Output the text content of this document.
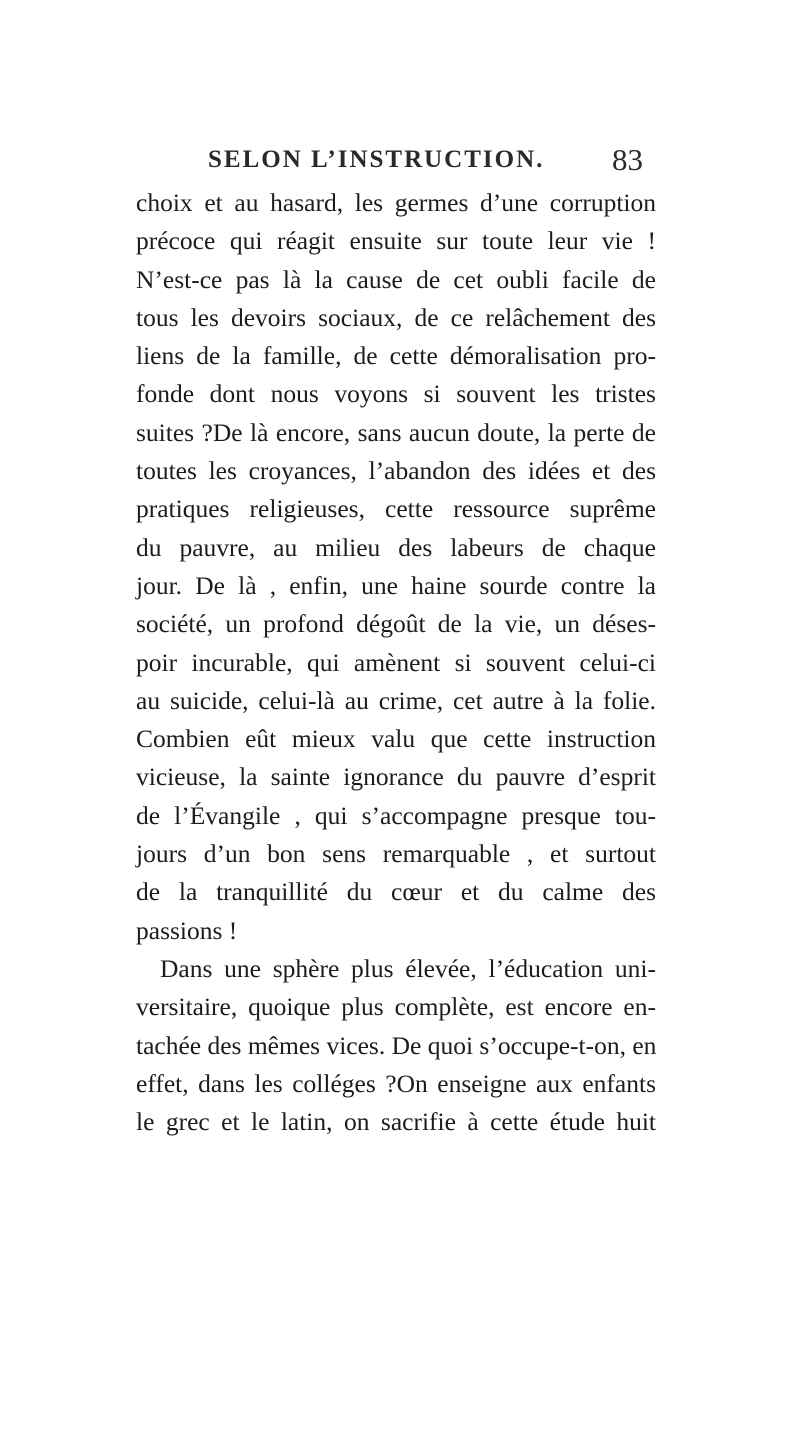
SELON L’INSTRUCTION. 83
choix et au hasard, les germes d’une corruption
précoce qui réagit ensuite sur toute leur vie !
N’est-ce pas là la cause de cet oubli facile de
tous les devoirs sociaux, de ce relâchement des
liens de la famille, de cette démoralisation pro-
fonde dont nous voyons si souvent les tristes
suites ?De là encore, sans aucun doute, la perte de
toutes les croyances, l’abandon des idées et des
pratiques religieuses, cette ressource suprême
du pauvre, au milieu des labeurs de chaque
jour. De là , enfin, une haine sourde contre la
société, un profond dégoût de la vie, un déses-
poir incurable, qui amènent si souvent celui-ci
au suicide, celui-là au crime, cet autre à la folie.
Combien eût mieux valu que cette instruction
vicieuse, la sainte ignorance du pauvre d’esprit
de l’Évangile , qui s’accompagne presque tou-
jours d’un bon sens remarquable , et surtout
de la tranquillité du cœur et du calme des
passions !
Dans une sphère plus élevée, l’éducation uni-
versitaire, quoique plus complète, est encore en-
tachée des mêmes vices. De quoi s’occupe-t-on, en
effet, dans les colléges ?On enseigne aux enfants
le grec et le latin, on sacrifie à cette étude huit
